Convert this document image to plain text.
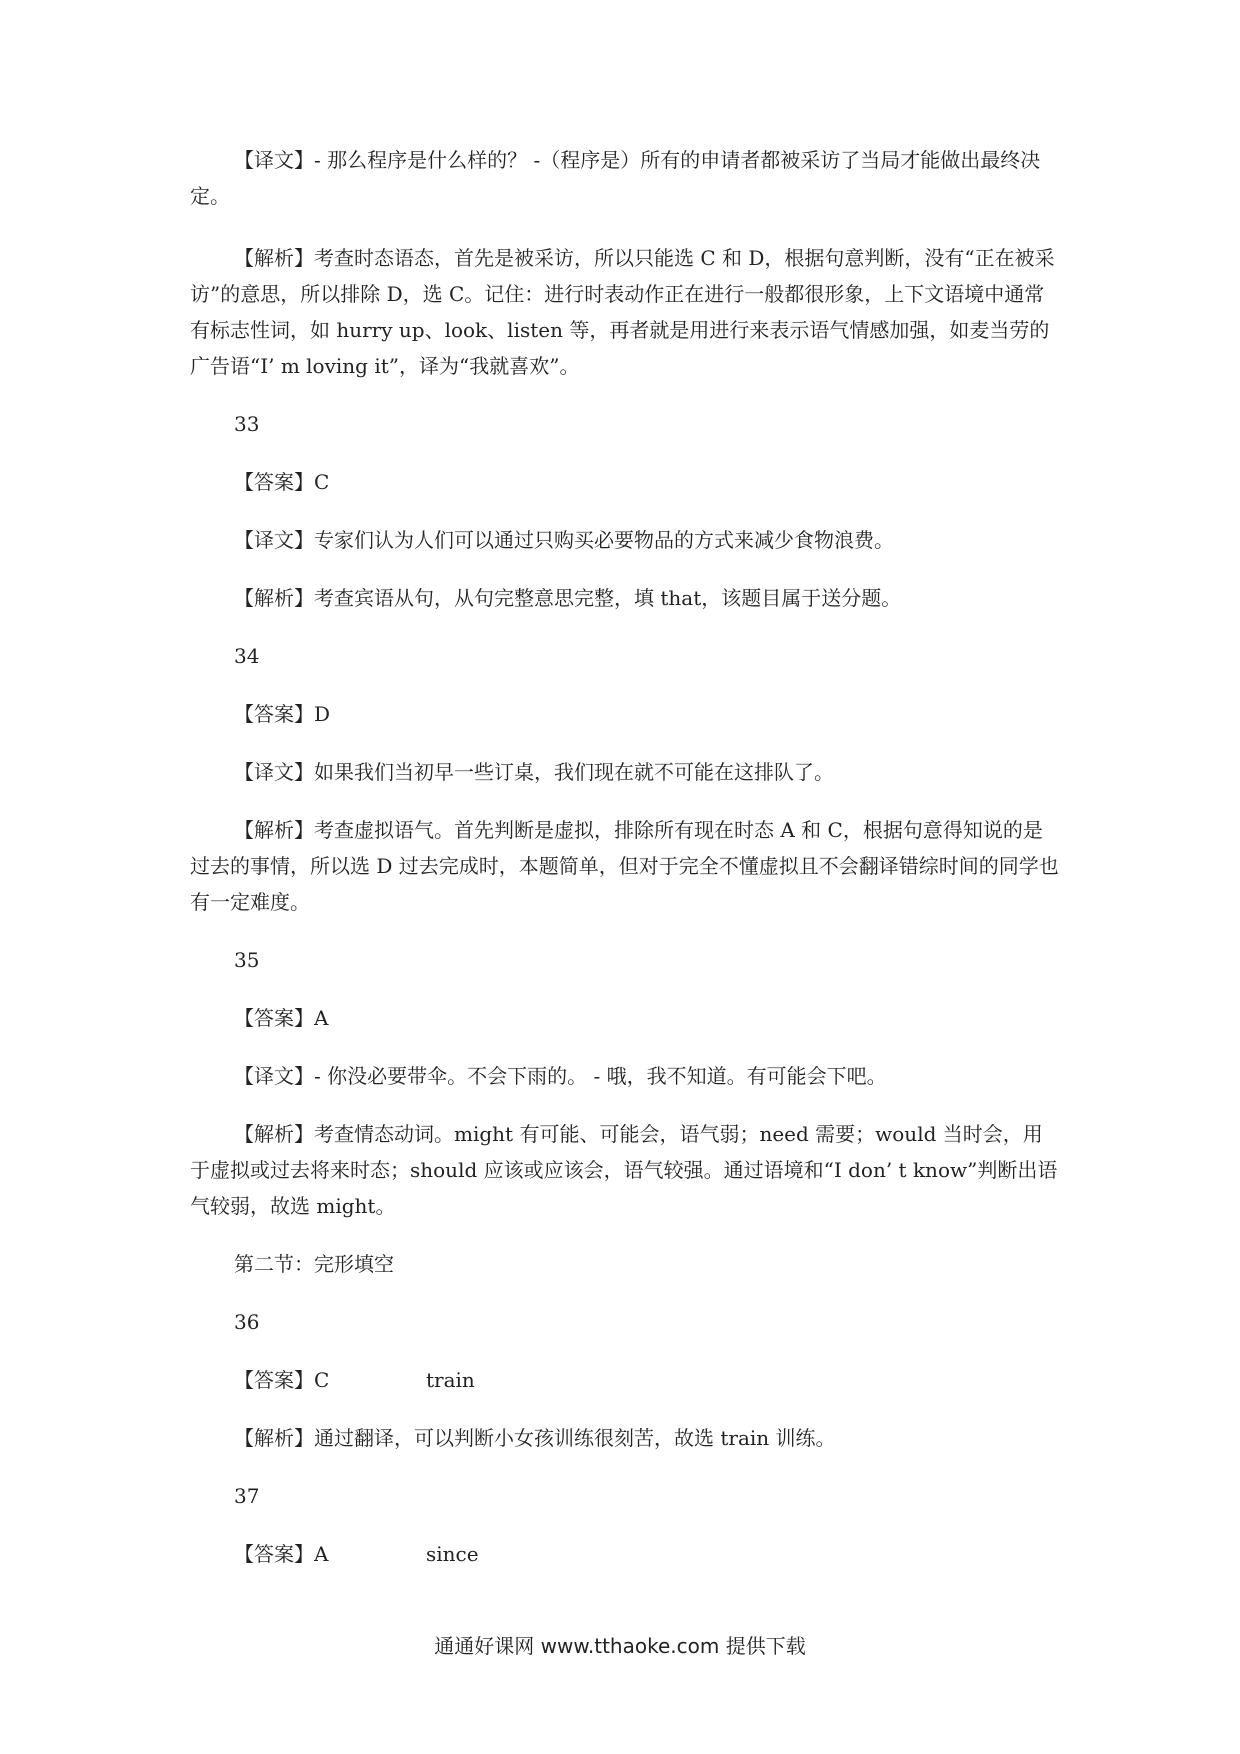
【译文】- 那么程序是什么样的？ -（程序是）所有的申请者都被采访了当局才能做出最终决定。

【解析】考查时态语态，首先是被采访，所以只能选 C 和 D，根据句意判断，没有“正在被采访”的意思，所以排除 D，选 C。记住：进行时表动作正在进行一般都很形象，上下文语境中通常有标志性词，如 hurry up、look、listen 等，再者就是用进行来表示语气情感加强，如麦当劳的广告语“I’ m loving it”，译为“我就喜欢”。

33

【答案】C

【译文】专家们认为人们可以通过只购买必要物品的方式来减少食物浪费。

【解析】考查宾语从句，从句完整意思完整，填 that，该题目属于送分题。

34

【答案】D

【译文】如果我们当初早一些订桌，我们现在就不可能在这排队了。

【解析】考查虚拟语气。首先判断是虚拟，排除所有现在时态 A 和 C，根据句意得知说的是过去的事情，所以选 D 过去完成时，本题简单，但对于完全不懂虚拟且不会翻译错综时间的同学也有一定难度。

35

【答案】A

【译文】- 你没必要带伞。不会下雨的。 - 哦，我不知道。有可能会下吧。

【解析】考查情态动词。might 有可能、可能会，语气弱；need 需要；would 当时会，用于虚拟或过去将来时态；should 应该或应该会，语气较强。通过语境和“I don’ t know”判断出语气较弱，故选 might。

第二节：完形填空

36

【答案】C	train

【解析】通过翻译，可以判断小女孩训练很刻苦，故选 train 训练。

37

【答案】A	since
通通好课网 www.tthaoke.com 提供下载
